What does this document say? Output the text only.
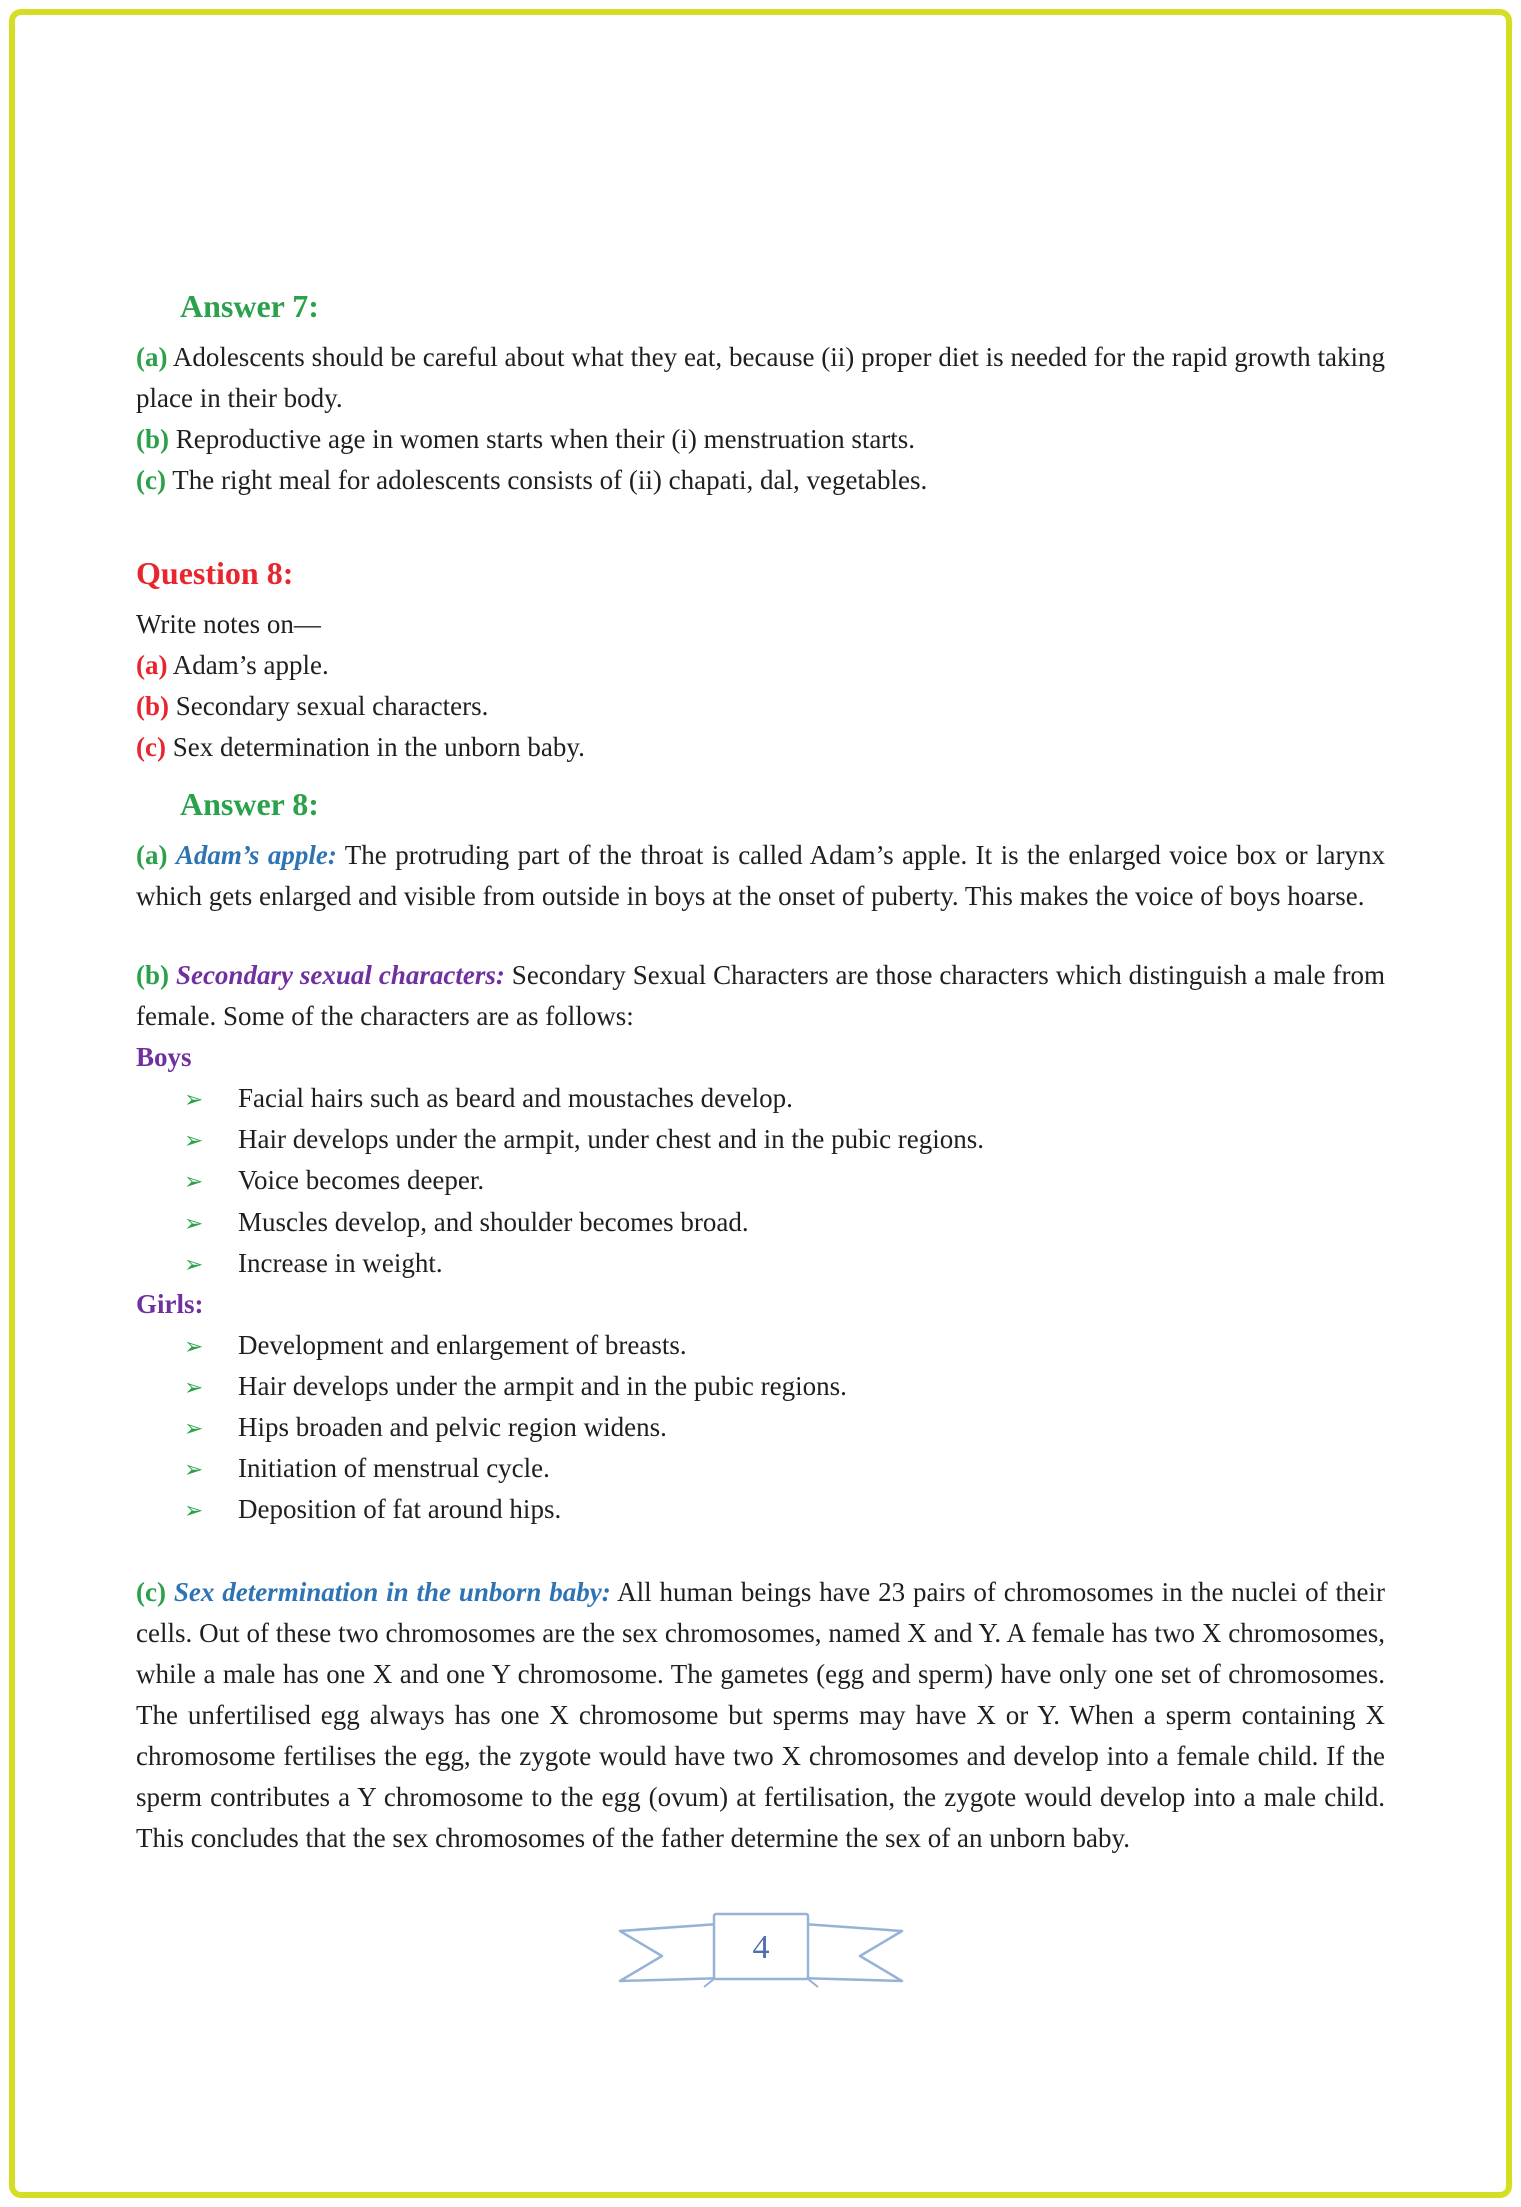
Answer 7:

(a) Adolescents should be careful about what they eat, because (ii) proper diet is needed for the rapid growth taking place in their body.

(b) Reproductive age in women starts when their (i) menstruation starts.

(c) The right meal for adolescents consists of (ii) chapati, dal, vegetables.

Question 8:

Write notes on—

(a) Adam’s apple.

(b) Secondary sexual characters.

(c) Sex determination in the unborn baby.

Answer 8:

(a) Adam’s apple: The protruding part of the throat is called Adam’s apple. It is the enlarged voice box or larynx which gets enlarged and visible from outside in boys at the onset of puberty. This makes the voice of boys hoarse.

(b) Secondary sexual characters: Secondary Sexual Characters are those characters which distinguish a male from female. Some of the characters are as follows:

Boys
➢	Facial hairs such as beard and moustaches develop.
➢	Hair develops under the armpit, under chest and in the pubic regions.
➢	Voice becomes deeper.
➢	Muscles develop, and shoulder becomes broad.
➢	Increase in weight.
Girls:
➢	Development and enlargement of breasts.
➢	Hair develops under the armpit and in the pubic regions.
➢	Hips broaden and pelvic region widens.
➢	Initiation of menstrual cycle.
➢	Deposition of fat around hips.

(c) Sex determination in the unborn baby: All human beings have 23 pairs of chromosomes in the nuclei of their cells. Out of these two chromosomes are the sex chromosomes, named X and Y. A female has two X chromosomes, while a male has one X and one Y chromosome. The gametes (egg and sperm) have only one set of chromosomes. The unfertilised egg always has one X chromosome but sperms may have X or Y. When a sperm containing X chromosome fertilises the egg, the zygote would have two X chromosomes and develop into a female child. If the sperm contributes a Y chromosome to the egg (ovum) at fertilisation, the zygote would develop into a male child. This concludes that the sex chromosomes of the father determine the sex of an unborn baby.

4
